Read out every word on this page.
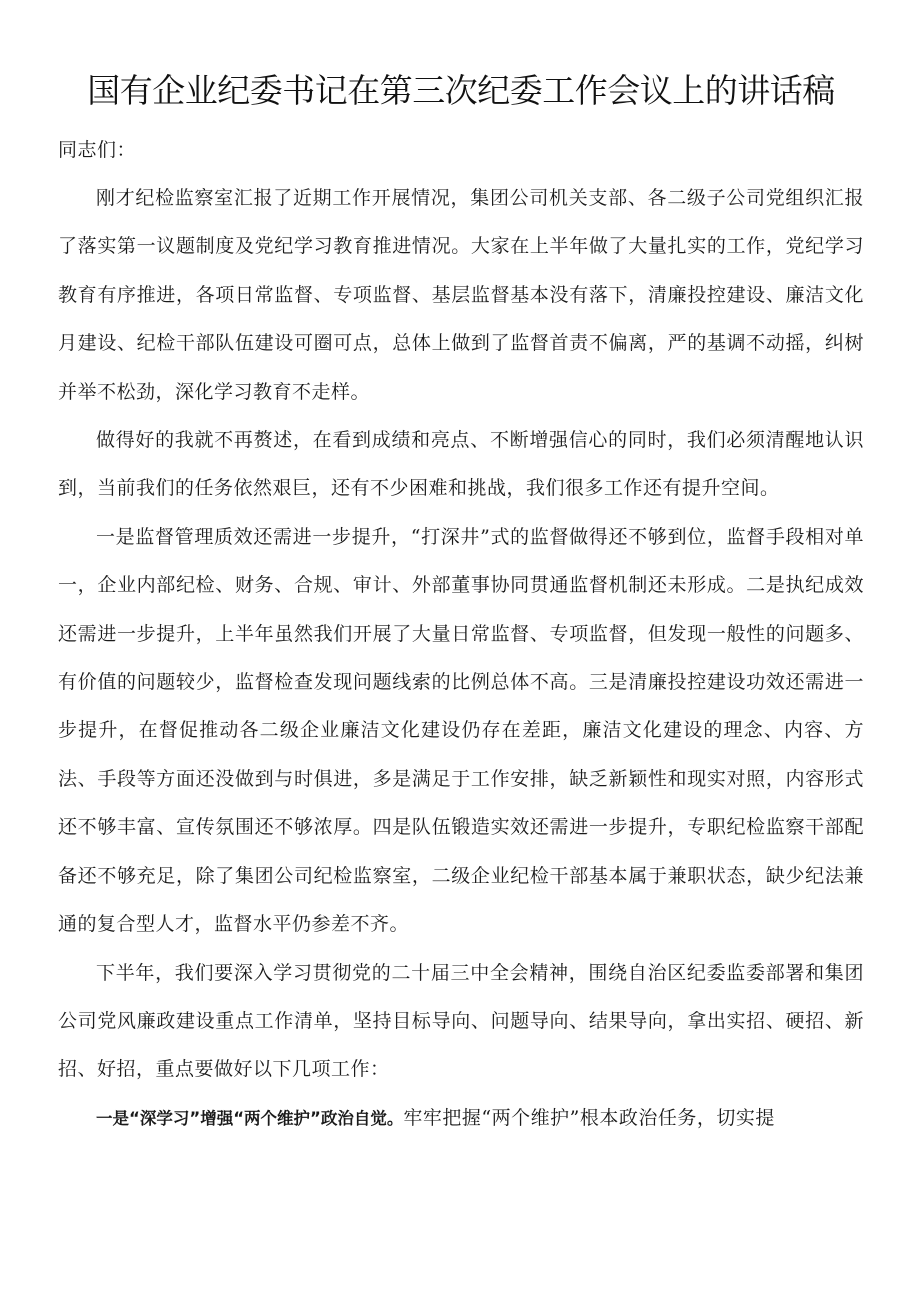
国有企业纪委书记在第三次纪委工作会议上的讲话稿

同志们：

刚才纪检监察室汇报了近期工作开展情况，集团公司机关支部、各二级子公司党组织汇报了落实第一议题制度及党纪学习教育推进情况。大家在上半年做了大量扎实的工作，党纪学习教育有序推进，各项日常监督、专项监督、基层监督基本没有落下，清廉投控建设、廉洁文化月建设、纪检干部队伍建设可圈可点，总体上做到了监督首责不偏离，严的基调不动摇，纠树并举不松劲，深化学习教育不走样。

做得好的我就不再赘述，在看到成绩和亮点、不断增强信心的同时，我们必须清醒地认识到，当前我们的任务依然艰巨，还有不少困难和挑战，我们很多工作还有提升空间。

一是监督管理质效还需进一步提升，“打深井”式的监督做得还不够到位，监督手段相对单一，企业内部纪检、财务、合规、审计、外部董事协同贯通监督机制还未形成。二是执纪成效还需进一步提升，上半年虽然我们开展了大量日常监督、专项监督，但发现一般性的问题多、有价值的问题较少，监督检查发现问题线索的比例总体不高。三是清廉投控建设功效还需进一步提升，在督促推动各二级企业廉洁文化建设仍存在差距，廉洁文化建设的理念、内容、方法、手段等方面还没做到与时俱进，多是满足于工作安排，缺乏新颖性和现实对照，内容形式还不够丰富、宣传氛围还不够浓厚。四是队伍锻造实效还需进一步提升，专职纪检监察干部配备还不够充足，除了集团公司纪检监察室，二级企业纪检干部基本属于兼职状态，缺少纪法兼通的复合型人才，监督水平仍参差不齐。

下半年，我们要深入学习贯彻党的二十届三中全会精神，围绕自治区纪委监委部署和集团公司党风廉政建设重点工作清单，坚持目标导向、问题导向、结果导向，拿出实招、硬招、新招、好招，重点要做好以下几项工作：

一是“深学习”增强“两个维护”政治自觉。牢牢把握“两个维护”根本政治任务，切实提
